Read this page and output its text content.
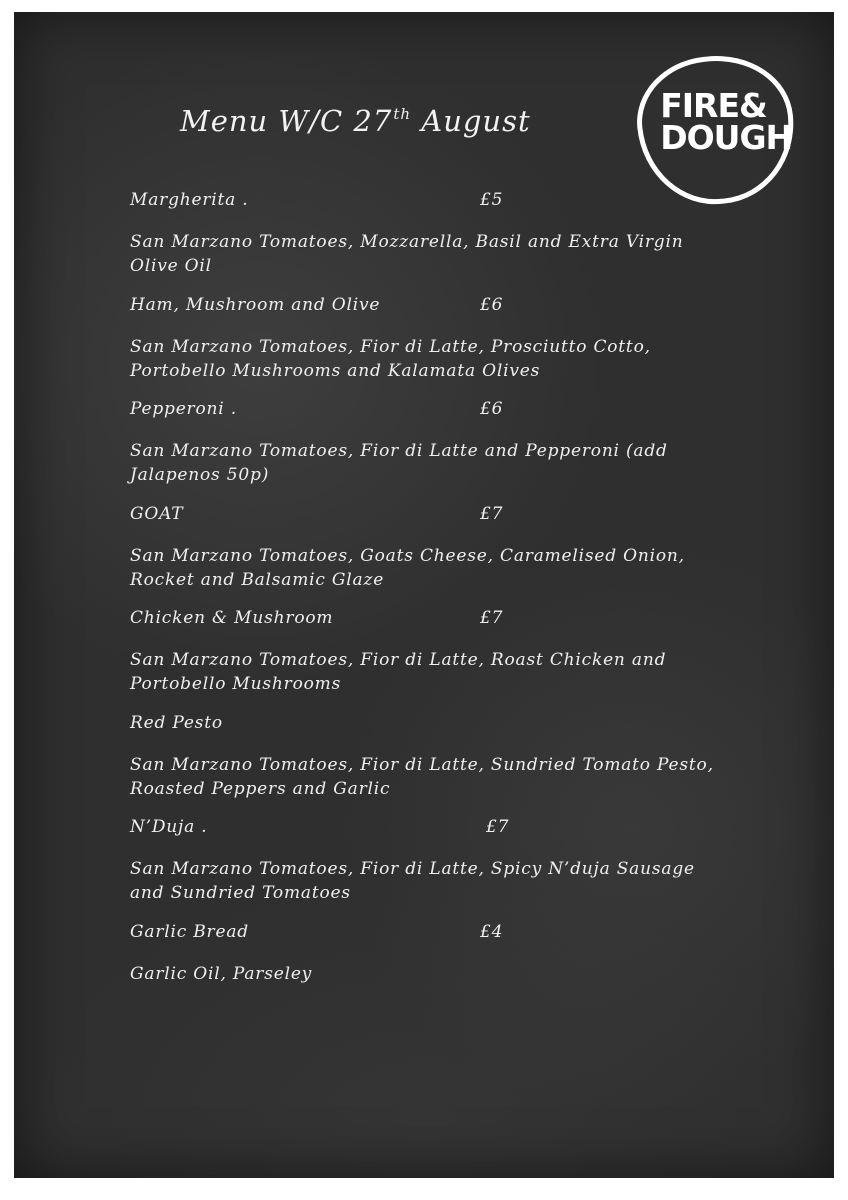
Menu W/C 27th August	FIRE&
DOUGH
Margherita .	£5
San Marzano Tomatoes, Mozzarella, Basil and Extra Virgin Olive Oil
Ham, Mushroom and Olive	£6
San Marzano Tomatoes, Fior di Latte, Prosciutto Cotto, Portobello Mushrooms and Kalamata Olives
Pepperoni .	£6
San Marzano Tomatoes, Fior di Latte and Pepperoni (add Jalapenos 50p)
GOAT	£7
San Marzano Tomatoes, Goats Cheese, Caramelised Onion, Rocket and Balsamic Glaze
Chicken & Mushroom	£7
San Marzano Tomatoes, Fior di Latte, Roast Chicken and Portobello Mushrooms
Red Pesto
San Marzano Tomatoes, Fior di Latte, Sundried Tomato Pesto, Roasted Peppers and Garlic
N’Duja .	£7
San Marzano Tomatoes, Fior di Latte, Spicy N’duja Sausage and Sundried Tomatoes
Garlic Bread	£4
Garlic Oil, Parseley
